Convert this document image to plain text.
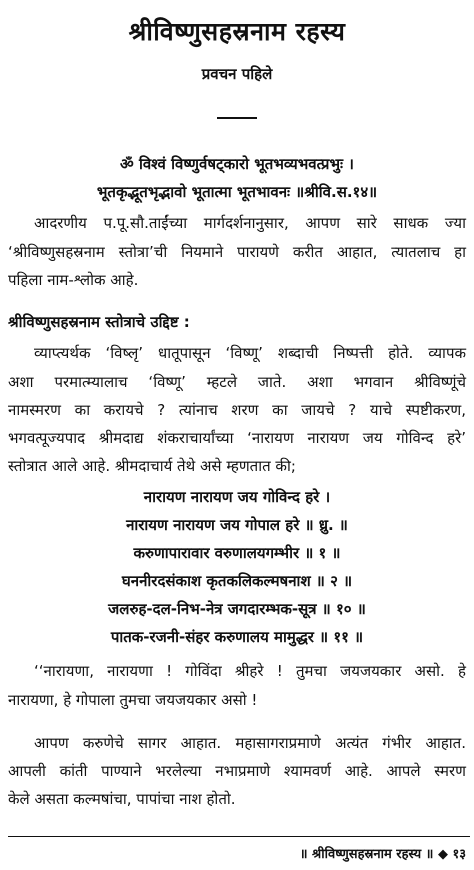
श्रीविष्णुसहस्रनाम रहस्य
प्रवचन पहिले
ॐ विश्वं विष्णुर्वषट्कारो भूतभव्यभवत्प्रभुः ।
भूतकृद्भूतभृद्भावो भूतात्मा भूतभावनः ॥श्रीवि.स.१४॥
आदरणीय प.पू.सौ.ताईंच्या मार्गदर्शनानुसार, आपण सारे साधक ज्या
‘श्रीविष्णुसहस्रनाम स्तोत्रा’ची नियमाने पारायणे करीत आहात, त्यातलाच हा
पहिला नाम-श्लोक आहे.
श्रीविष्णुसहस्रनाम स्तोत्राचे उद्दिष्ट :
व्याप्त्यर्थक ‘विष्लृ’ धातूपासून ‘विष्णू’ शब्दाची निष्पत्ती होते. व्यापक
अशा परमात्म्यालाच ‘विष्णू’ म्हटले जाते. अशा भगवान श्रीविष्णूंचे
नामस्मरण का करायचे ? त्यांनाच शरण का जायचे ? याचे स्पष्टीकरण,
भगवत्पूज्यपाद श्रीमदाद्य शंकराचार्यांच्या ‘नारायण नारायण जय गोविन्द हरे’
स्तोत्रात आले आहे. श्रीमदाचार्य तेथे असे म्हणतात की;
नारायण नारायण जय गोविन्द हरे ।
नारायण नारायण जय गोपाल हरे ॥ ध्रु. ॥
करुणापारावार वरुणालयगम्भीर ॥ १ ॥
घननीरदसंकाश कृतकलिकल्मषनाश ॥ २ ॥
जलरुह-दल-निभ-नेत्र जगदारम्भक-सूत्र ॥ १० ॥
पातक-रजनी-संहर करुणालय मामुद्धर ॥ ११ ॥
‘‘नारायणा, नारायणा ! गोविंदा श्रीहरे ! तुमचा जयजयकार असो. हे
नारायणा, हे गोपाला तुमचा जयजयकार असो !
आपण करुणेचे सागर आहात. महासागराप्रमाणे अत्यंत गंभीर आहात.
आपली कांती पाण्याने भरलेल्या नभाप्रमाणे श्यामवर्ण आहे. आपले स्मरण
केले असता कल्मषांचा, पापांचा नाश होतो.
॥ श्रीविष्णुसहस्रनाम रहस्य ॥ ◆ १३
